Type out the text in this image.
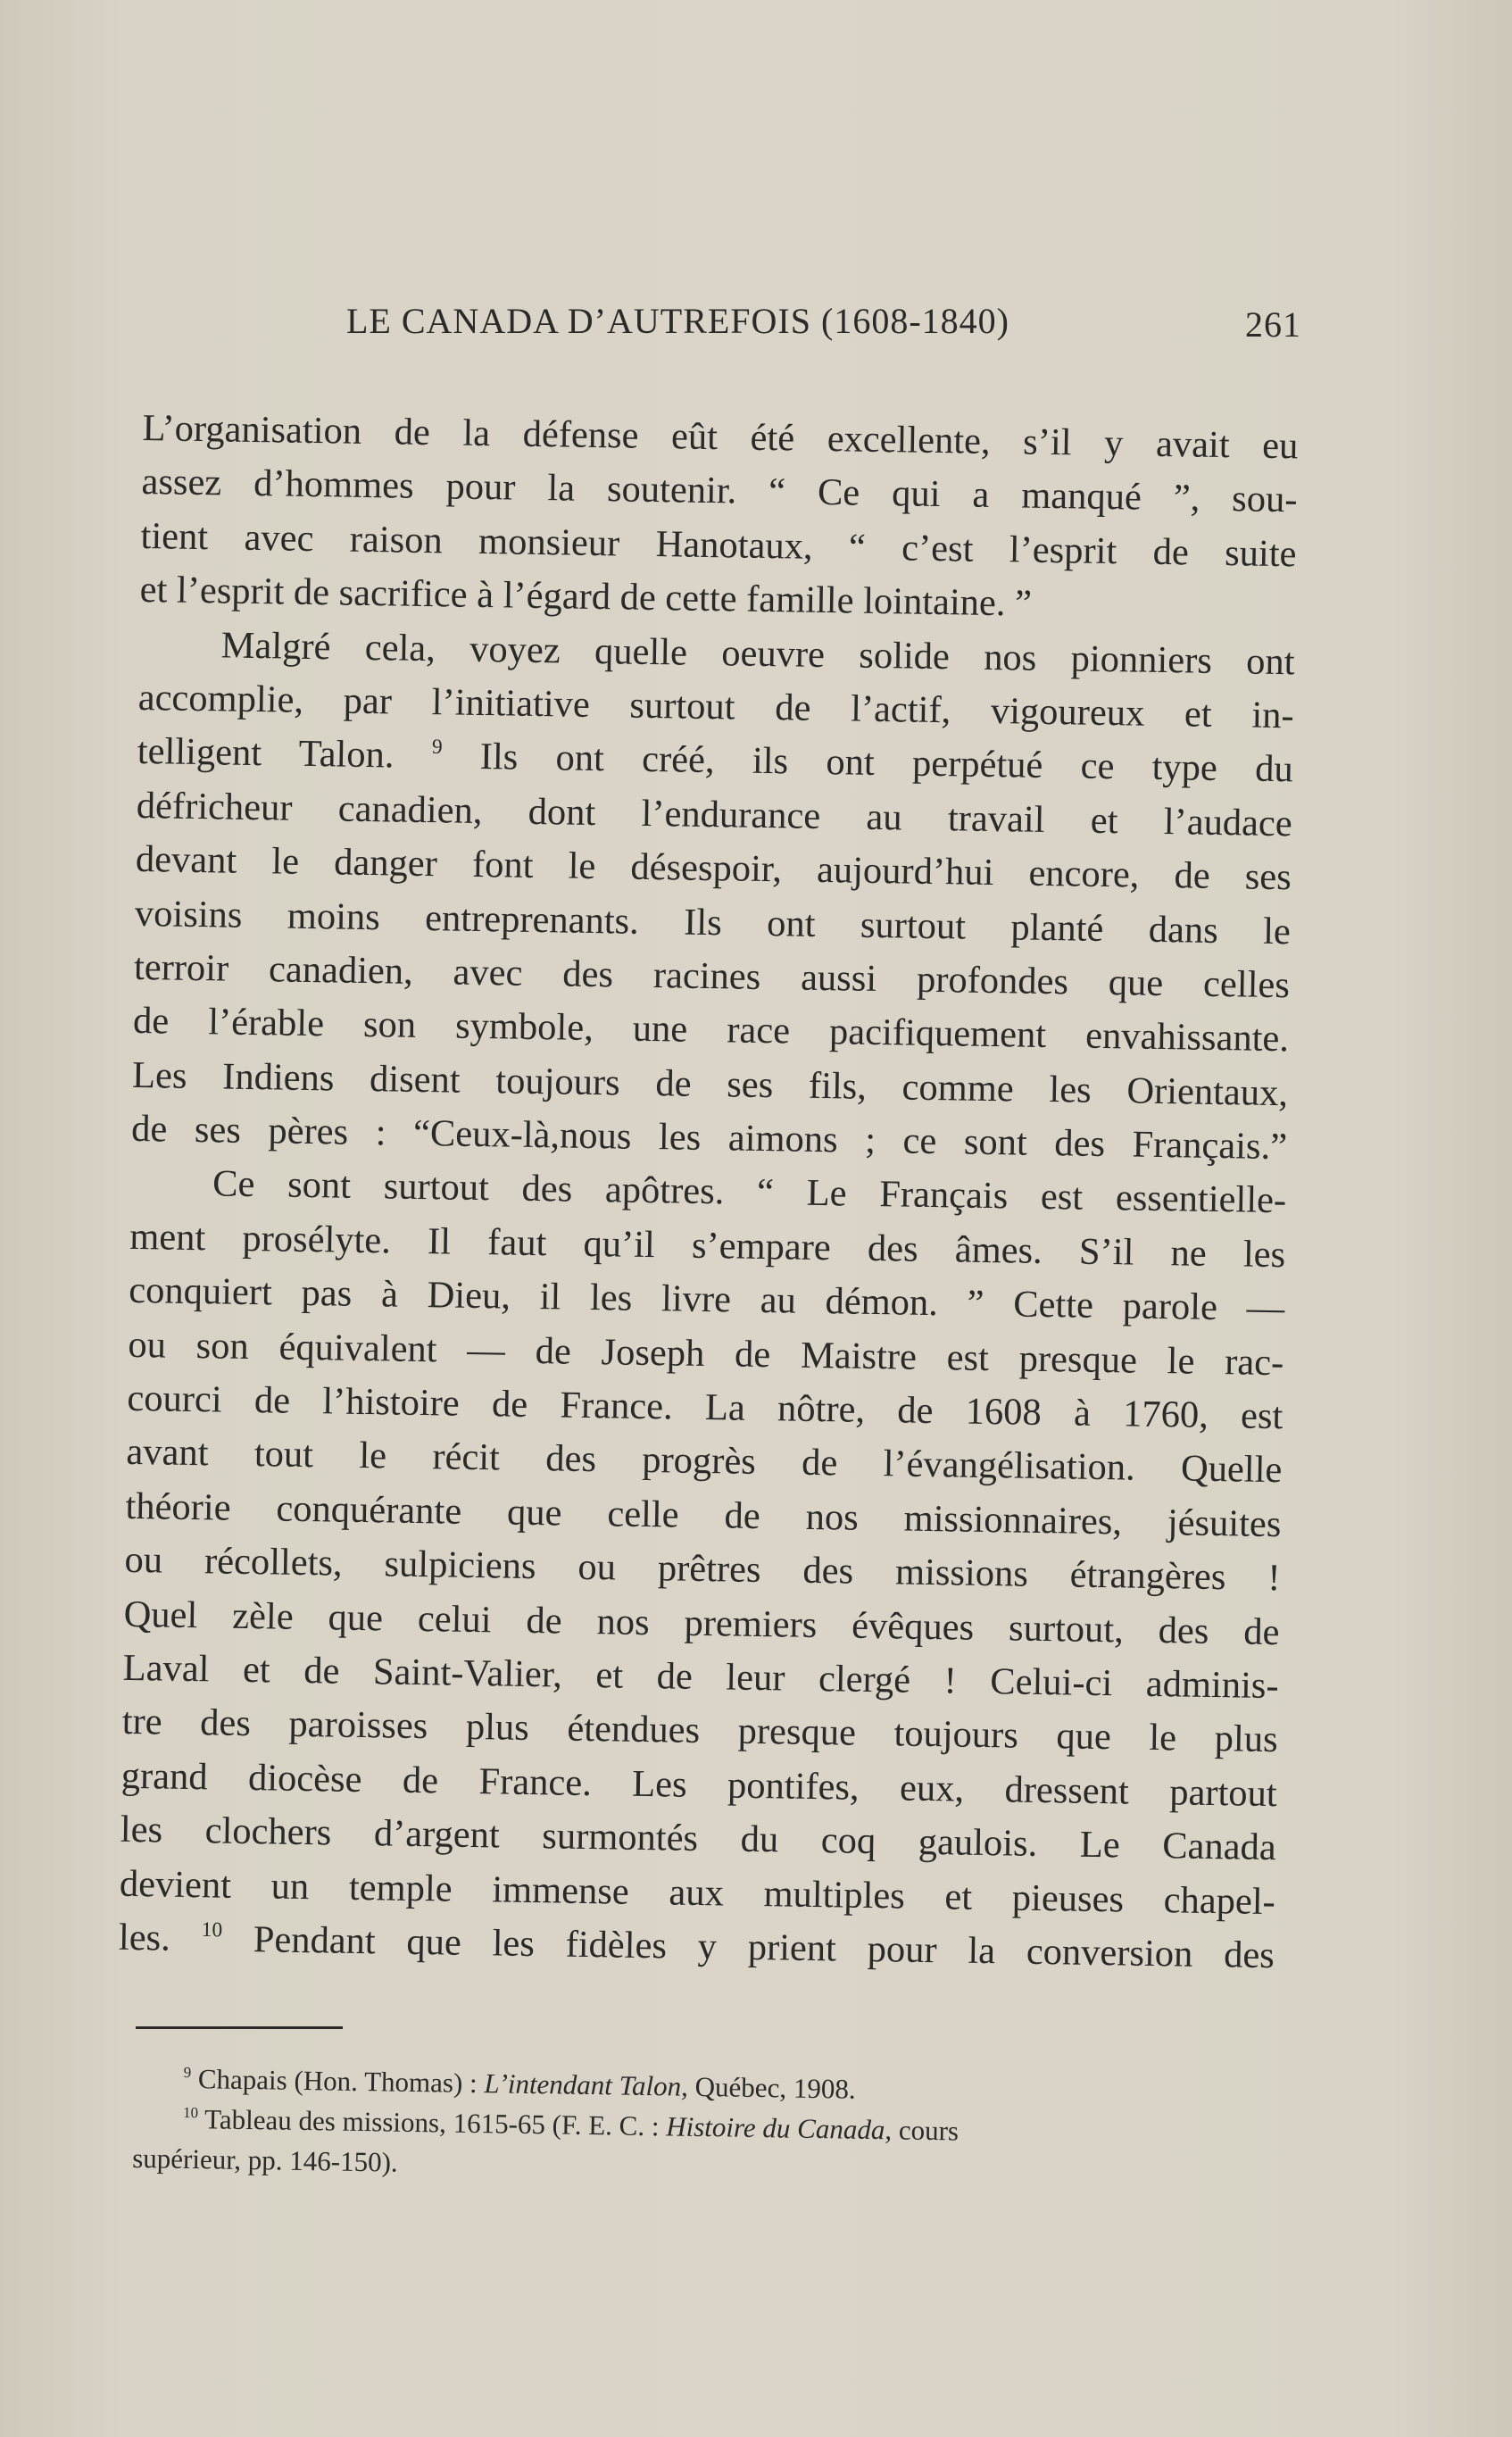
LE CANADA D’AUTREFOIS (1608-1840)	261
L’organisation de la défense eût été excellente, s’il y avait eu
assez d’hommes pour la soutenir. “ Ce qui a manqué ”, sou-
tient avec raison monsieur Hanotaux, “ c’est l’esprit de suite
et l’esprit de sacrifice à l’égard de cette famille lointaine. ”
Malgré cela, voyez quelle oeuvre solide nos pionniers ont
accomplie, par l’initiative surtout de l’actif, vigoureux et in-
telligent Talon. $^9$ Ils ont créé, ils ont perpétué ce type du
défricheur canadien, dont l’endurance au travail et l’audace
devant le danger font le désespoir, aujourd’hui encore, de ses
voisins moins entreprenants. Ils ont surtout planté dans le
terroir canadien, avec des racines aussi profondes que celles
de l’érable son symbole, une race pacifiquement envahissante.
Les Indiens disent toujours de ses fils, comme les Orientaux,
de ses pères : “Ceux-là,nous les aimons ; ce sont des Français.”
Ce sont surtout des apôtres. “ Le Français est essentielle-
ment prosélyte. Il faut qu’il s’empare des âmes. S’il ne les
conquiert pas à Dieu, il les livre au démon. ” Cette parole —
ou son équivalent — de Joseph de Maistre est presque le rac-
courci de l’histoire de France. La nôtre, de 1608 à 1760, est
avant tout le récit des progrès de l’évangélisation. Quelle
théorie conquérante que celle de nos missionnaires, jésuites
ou récollets, sulpiciens ou prêtres des missions étrangères !
Quel zèle que celui de nos premiers évêques surtout, des de
Laval et de Saint-Valier, et de leur clergé ! Celui-ci adminis-
tre des paroisses plus étendues presque toujours que le plus
grand diocèse de France. Les pontifes, eux, dressent partout
les clochers d’argent surmontés du coq gaulois. Le Canada
devient un temple immense aux multiples et pieuses chapel-
les. $^{10}$ Pendant que les fidèles y prient pour la conversion des
$^9$ Chapais (Hon. Thomas) : L’intendant Talon, Québec, 1908.
$^{10}$ Tableau des missions, 1615-65 (F. E. C. : Histoire du Canada, cours
supérieur, pp. 146-150).
